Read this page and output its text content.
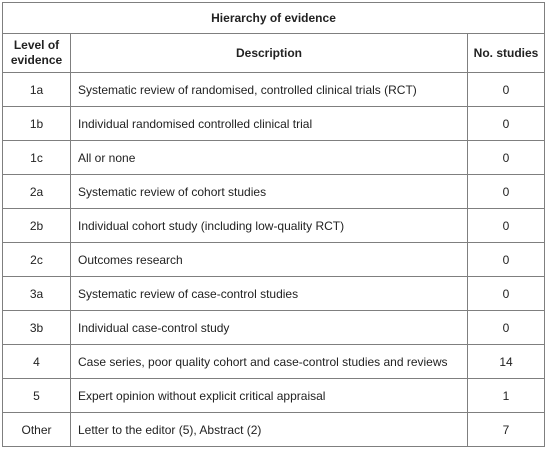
Hierarchy of evidence		
Level of
evidence	Description	No. studies
1a	Systematic review of randomised, controlled clinical trials (RCT)	0
1b	Individual randomised controlled clinical trial	0
1c	All or none	0
2a	Systematic review of cohort studies	0
2b	Individual cohort study (including low-quality RCT)	0
2c	Outcomes research	0
3a	Systematic review of case-control studies	0
3b	Individual case-control study	0
4	Case series, poor quality cohort and case-control studies and reviews	14
5	Expert opinion without explicit critical appraisal	1
Other	Letter to the editor (5), Abstract (2)	7
